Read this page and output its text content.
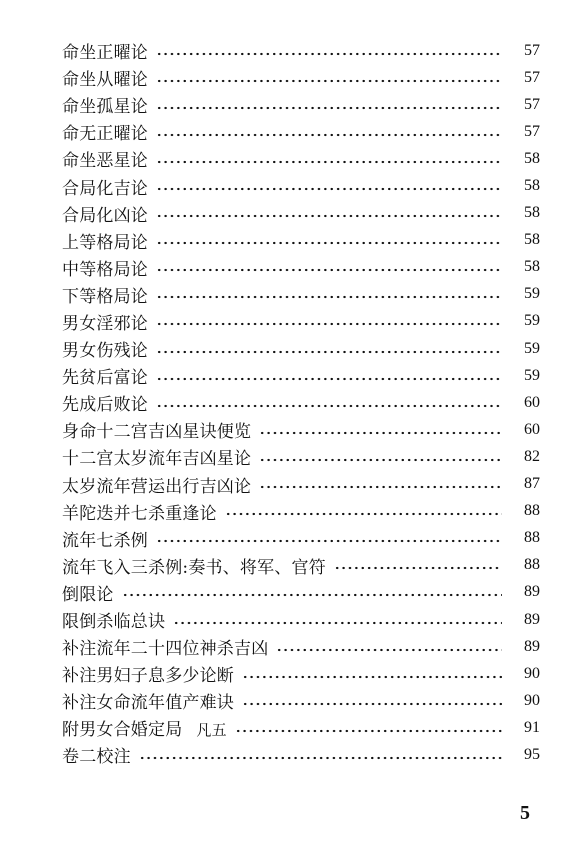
命坐正曜论	57
命坐从曜论	57
命坐孤星论	57
命无正曜论	57
命坐恶星论	58
合局化吉论	58
合局化凶论	58
上等格局论	58
中等格局论	58
下等格局论	59
男女淫邪论	59
男女伤残论	59
先贫后富论	59
先成后败论	60
身命十二宫吉凶星诀便览	60
十二宫太岁流年吉凶星论	82
太岁流年营运出行吉凶论	87
羊陀迭并七杀重逢论	88
流年七杀例	88
流年飞入三杀例:奏书、将军、官符	88
倒限论	89
限倒杀临总诀	89
补注流年二十四位神杀吉凶	89
补注男妇子息多少论断	90
补注女命流年值产难诀	90
附男女合婚定局 凡五	91
卷二校注	95
5
